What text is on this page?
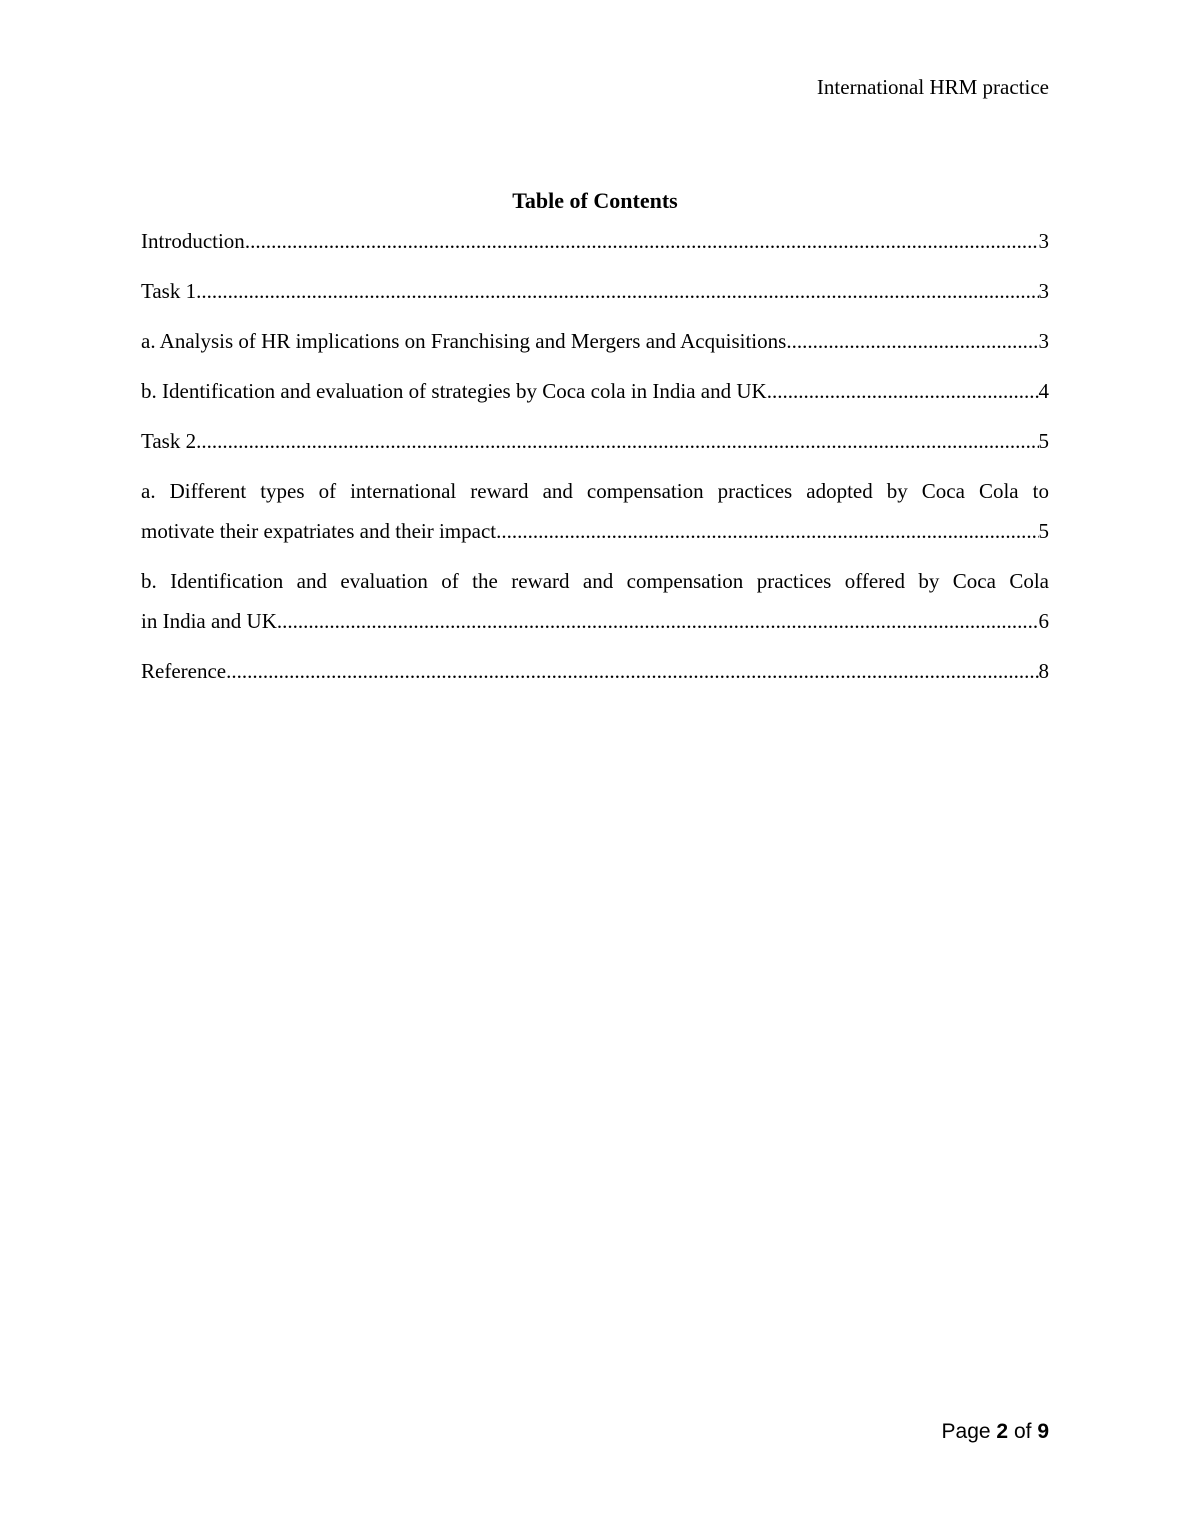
International HRM practice
Table of Contents
Introduction .....	3
Task 1 .....	3
a. Analysis of HR implications on Franchising and Mergers and Acquisitions .....	3
b. Identification and evaluation of strategies by Coca cola in India and UK .....	4
Task 2 .....	5
a. Different types of international reward and compensation practices adopted by Coca Cola to
motivate their expatriates and their impact .....	5
b. Identification and evaluation of the reward and compensation practices offered by Coca Cola
in India and UK .....	6
Reference .....	8
Page 2 of 9
